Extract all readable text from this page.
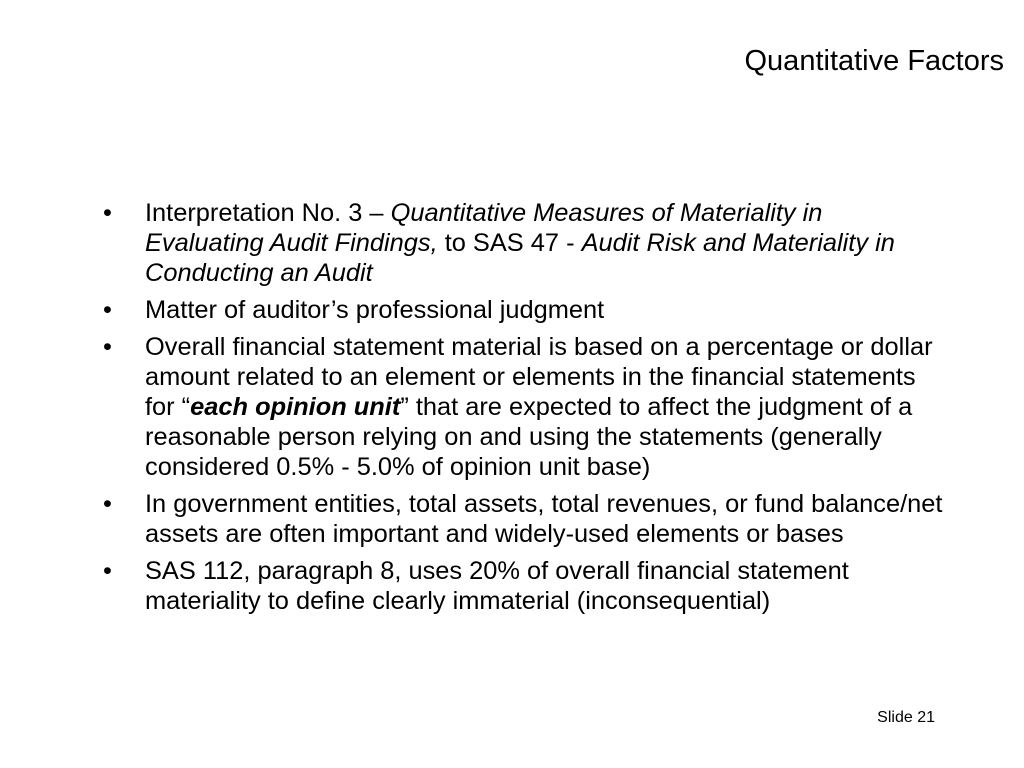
Quantitative Factors
• Interpretation No. 3 – Quantitative Measures of Materiality in Evaluating Audit Findings, to SAS 47 - Audit Risk and Materiality in Conducting an Audit
• Matter of auditor’s professional judgment
• Overall financial statement material is based on a percentage or dollar amount related to an element or elements in the financial statements for “each opinion unit” that are expected to affect the judgment of a reasonable person relying on and using the statements (generally considered 0.5% - 5.0% of opinion unit base)
• In government entities, total assets, total revenues, or fund balance/net assets are often important and widely-used elements or bases
• SAS 112, paragraph 8, uses 20% of overall financial statement materiality to define clearly immaterial (inconsequential)
Slide 21
